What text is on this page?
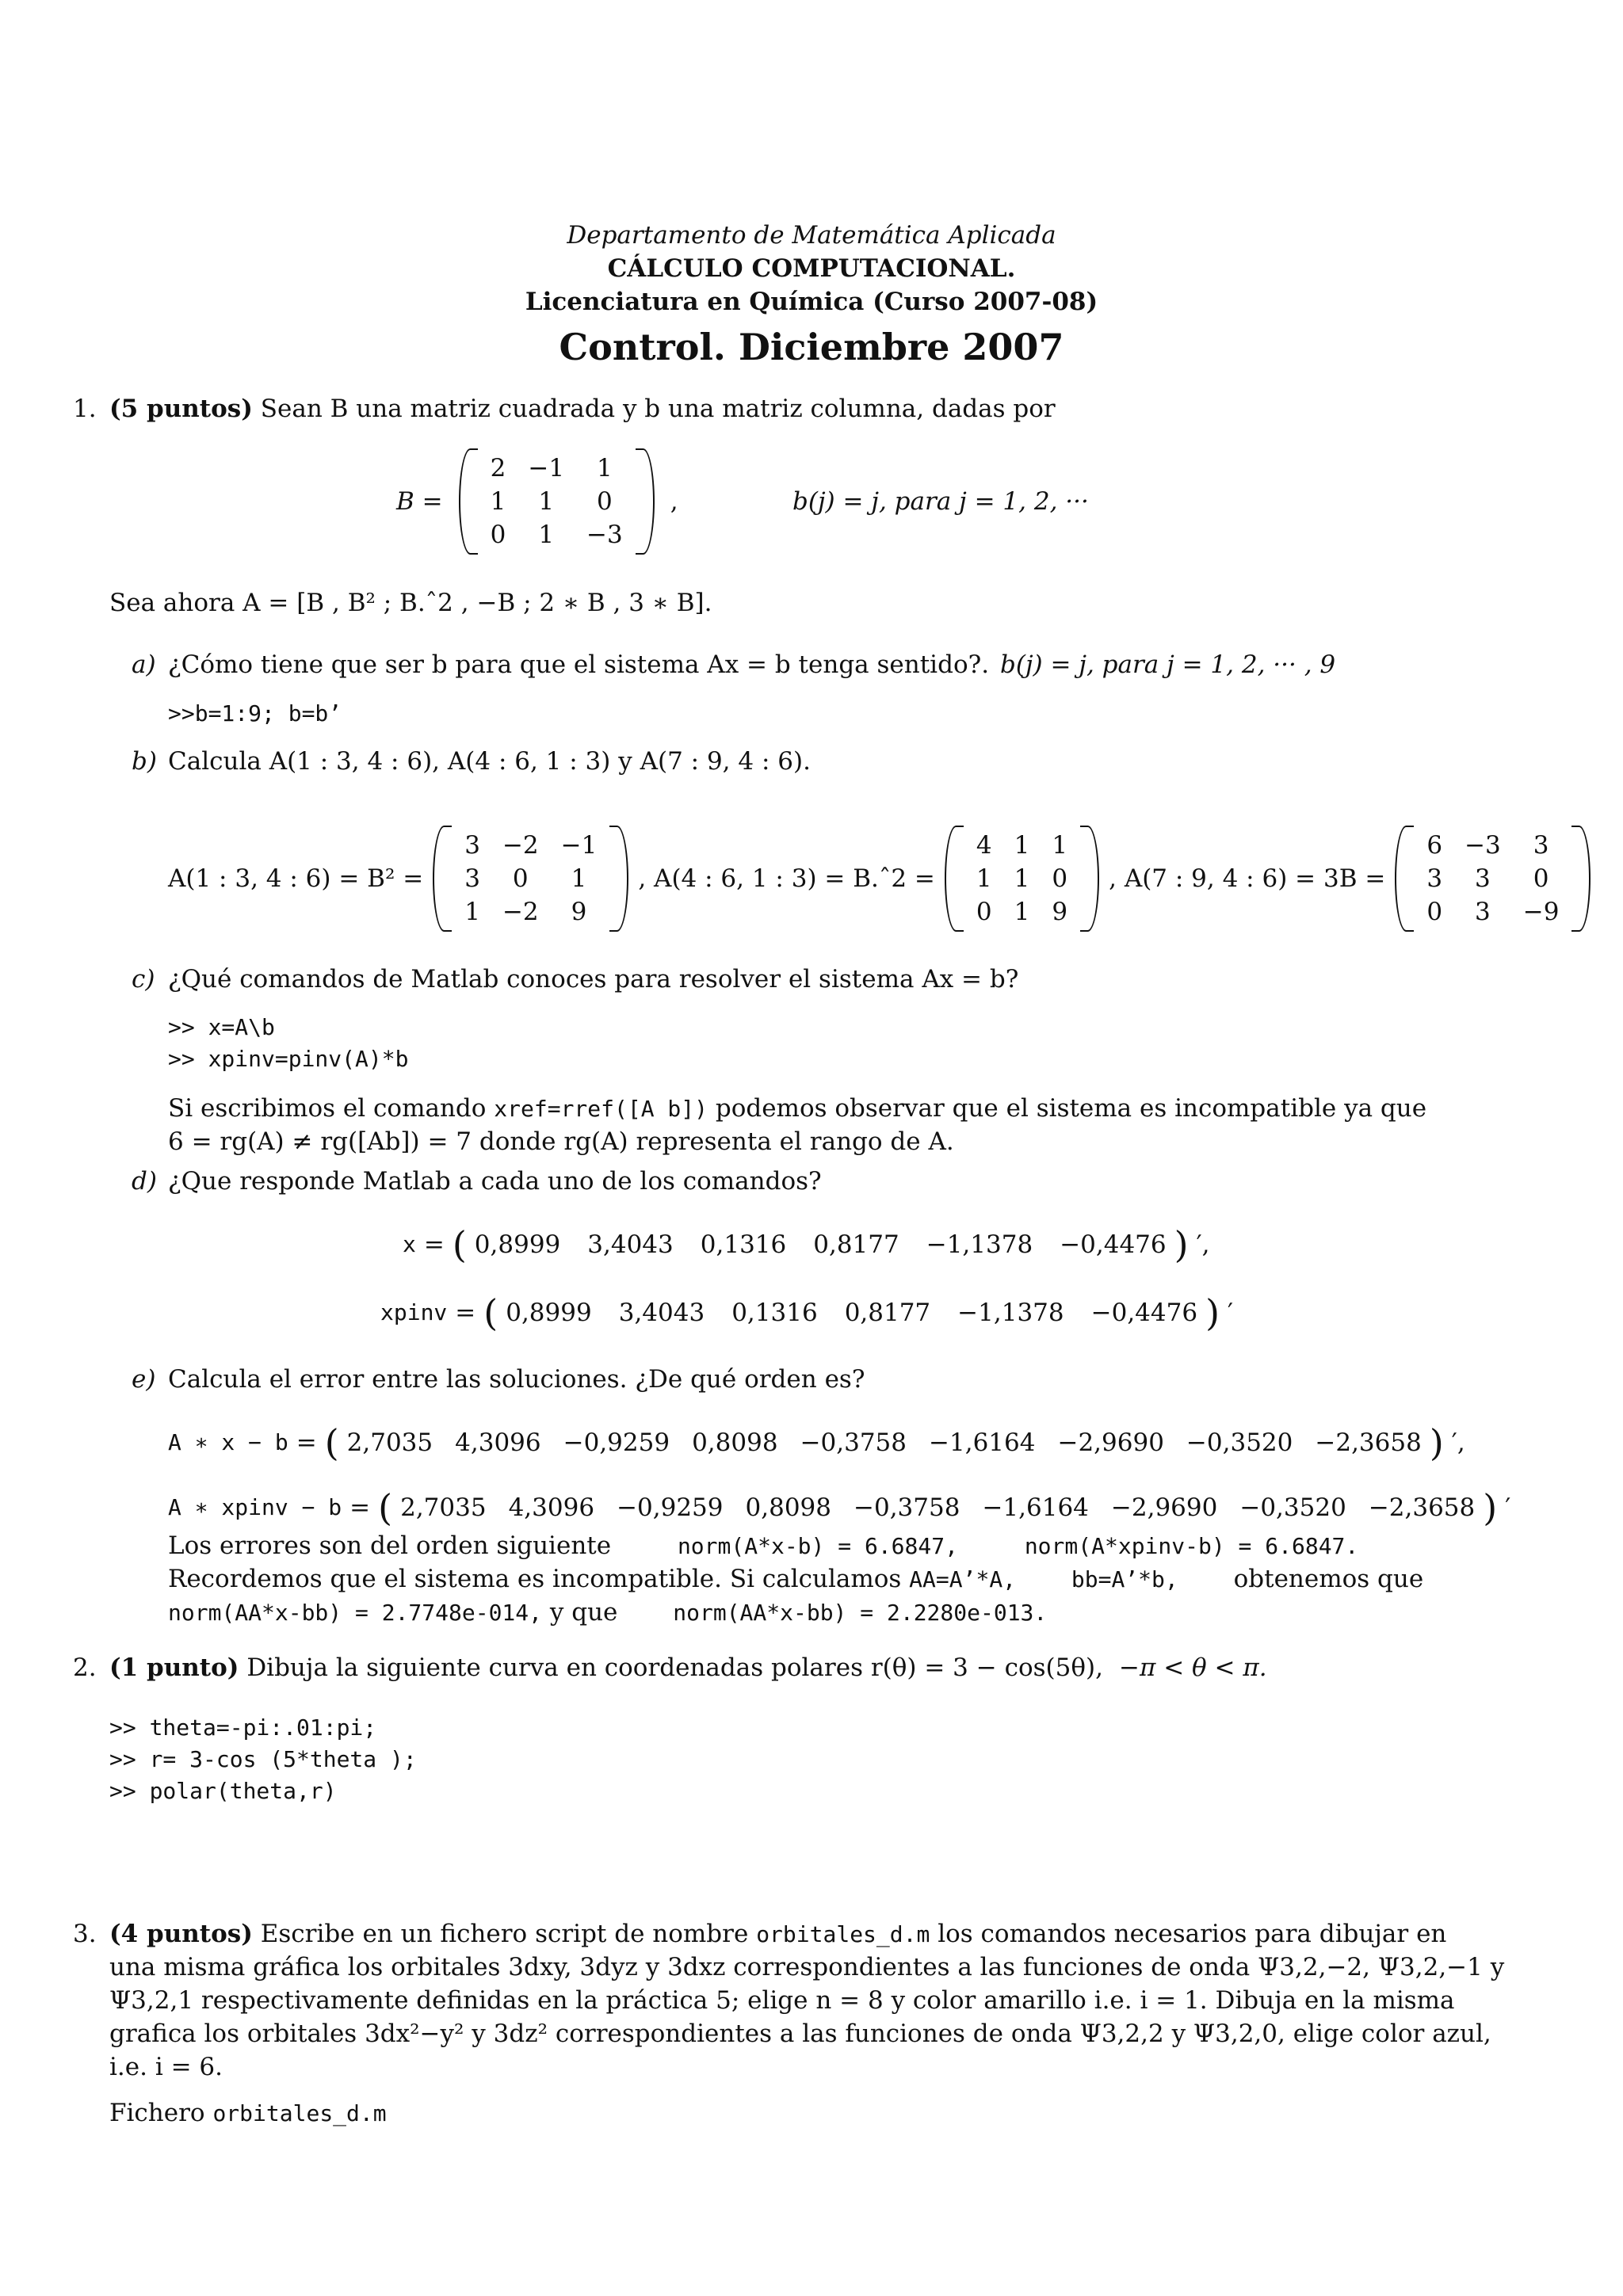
Departamento de Matemática Aplicada
CÁLCULO COMPUTACIONAL.
Licenciatura en Química (Curso 2007-08)
Control. Diciembre 2007
1. (5 puntos) Sean B una matriz cuadrada y b una matriz columna, dadas por
B =
2	−1	1
1	1	0
0	1	−3
,	b(j) = j, para j = 1, 2, ···
Sea ahora A = [B , B² ; B.ˆ2 , −B ; 2 ∗ B , 3 ∗ B].
a) ¿Cómo tiene que ser b para que el sistema Ax = b tenga sentido?. b(j) = j, para j = 1, 2, ··· , 9
>>b=1:9; b=b’
b) Calcula A(1 : 3, 4 : 6), A(4 : 6, 1 : 3) y A(7 : 9, 4 : 6).
A(1 : 3, 4 : 6) = B² =
3	−2	−1
3	0	1
1	−2	9
, A(4 : 6, 1 : 3) = B.ˆ2 =
4	1	1
1	1	0
0	1	9
, A(7 : 9, 4 : 6) = 3B =
6	−3	3
3	3	0
0	3	−9
c) ¿Qué comandos de Matlab conoces para resolver el sistema Ax = b?
>> x=A\b
>> xpinv=pinv(A)*b
Si escribimos el comando xref=rref([A b]) podemos observar que el sistema es incompatible ya que
6 = rg(A) ≠ rg([Ab]) = 7 donde rg(A) representa el rango de A.
d) ¿Que responde Matlab a cada uno de los comandos?
x = ( 0,8999 3,4043 0,1316 0,8177 −1,1378 −0,4476 ) ′,
xpinv = ( 0,8999 3,4043 0,1316 0,8177 −1,1378 −0,4476 ) ′
e) Calcula el error entre las soluciones. ¿De qué orden es?
A ∗ x − b = ( 2,7035 4,3096 −0,9259 0,8098 −0,3758 −1,6164 −2,9690 −0,3520 −2,3658 ) ′,
A ∗ xpinv − b = ( 2,7035 4,3096 −0,9259 0,8098 −0,3758 −1,6164 −2,9690 −0,3520 −2,3658 ) ′
Los errores son del orden siguiente	norm(A*x-b) = 6.6847,	norm(A*xpinv-b) = 6.6847.
Recordemos que el sistema es incompatible. Si calculamos AA=A’*A, bb=A’*b, obtenemos que
norm(AA*x-bb) = 2.7748e-014, y que norm(AA*x-bb) = 2.2280e-013.
2. (1 punto) Dibuja la siguiente curva en coordenadas polares r(θ) = 3 − cos(5θ), −π < θ < π.
>> theta=-pi:.01:pi;
>> r= 3-cos (5*theta );
>> polar(theta,r)
3. (4 puntos) Escribe en un fichero script de nombre orbitales_d.m los comandos necesarios para dibujar en
una misma gráfica los orbitales 3dxy, 3dyz y 3dxz correspondientes a las funciones de onda Ψ3,2,−2, Ψ3,2,−1 y
Ψ3,2,1 respectivamente definidas en la práctica 5; elige n = 8 y color amarillo i.e. i = 1. Dibuja en la misma
grafica los orbitales 3dx²−y² y 3dz² correspondientes a las funciones de onda Ψ3,2,2 y Ψ3,2,0, elige color azul,
i.e. i = 6.
Fichero orbitales_d.m
